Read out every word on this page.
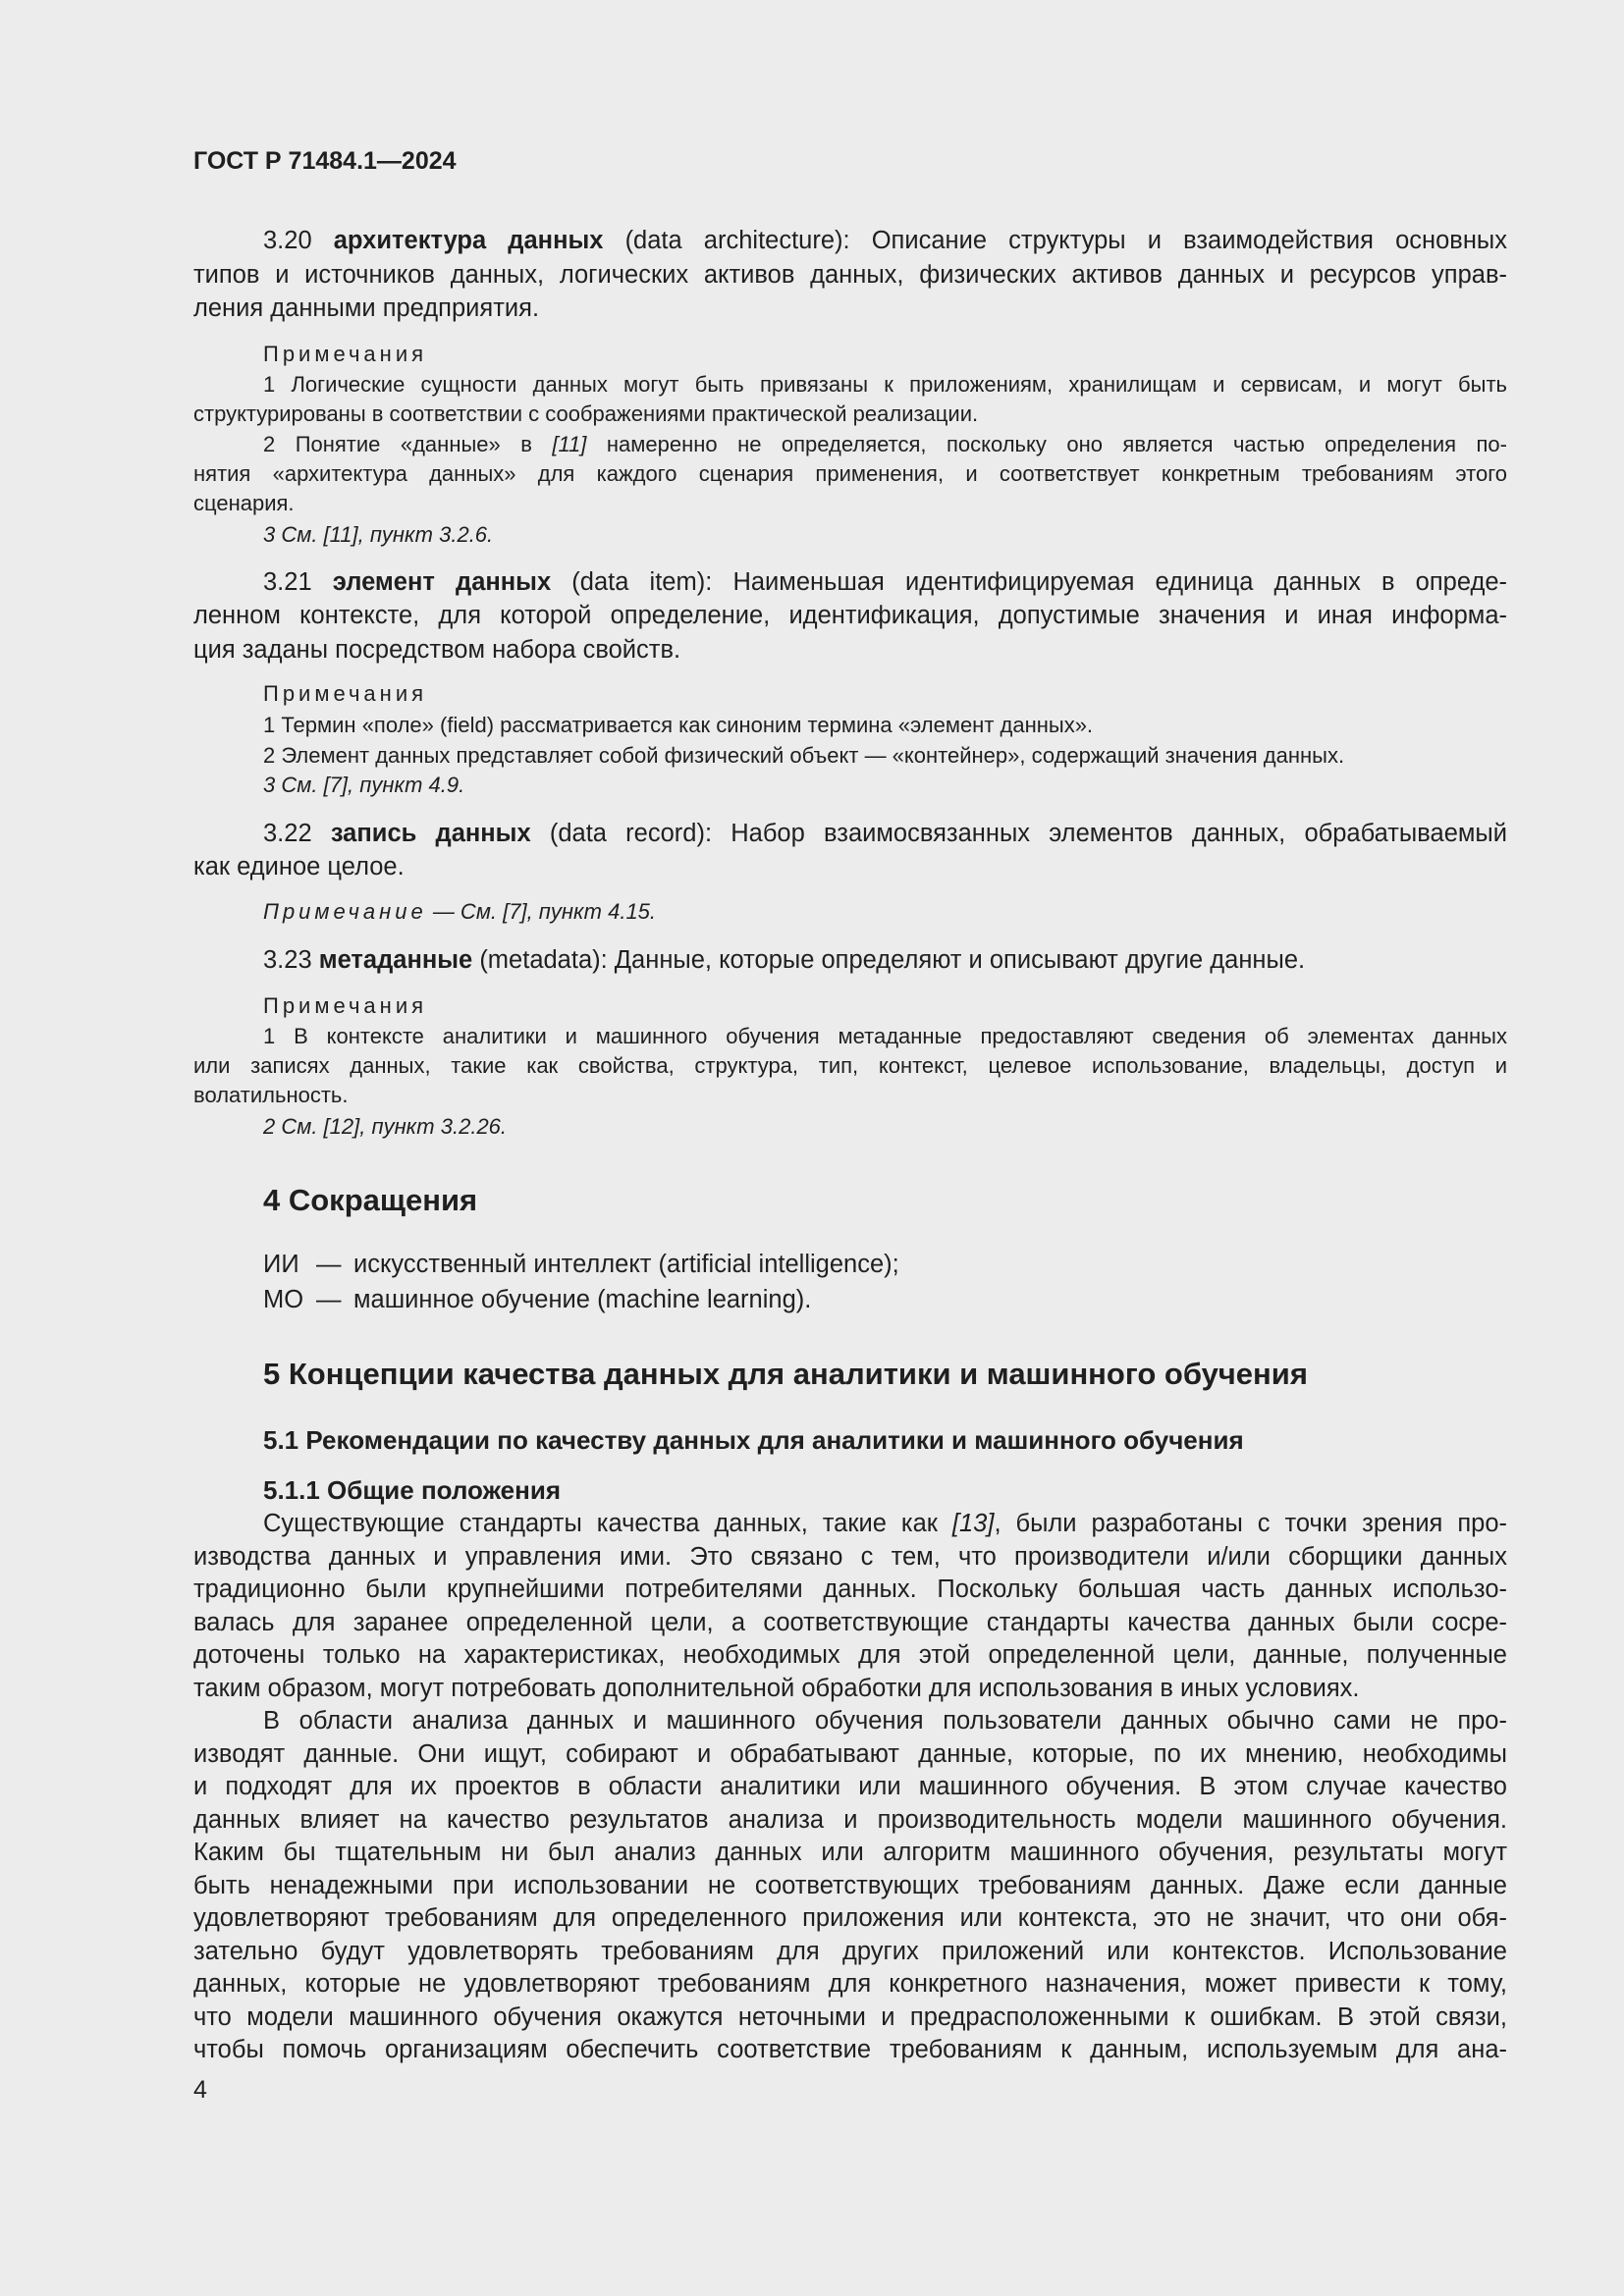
ГОСТ Р 71484.1—2024
3.20 архитектура данных (data architecture): Описание структуры и взаимодействия основных
типов и источников данных, логических активов данных, физических активов данных и ресурсов управ-
ления данными предприятия.
Примечания
1 Логические сущности данных могут быть привязаны к приложениям, хранилищам и сервисам, и могут быть
структурированы в соответствии с соображениями практической реализации.
2 Понятие «данные» в [11] намеренно не определяется, поскольку оно является частью определения по-
нятия «архитектура данных» для каждого сценария применения, и соответствует конкретным требованиям этого
сценария.
3 См. [11], пункт 3.2.6.
3.21 элемент данных (data item): Наименьшая идентифицируемая единица данных в опреде-
ленном контексте, для которой определение, идентификация, допустимые значения и иная информа-
ция заданы посредством набора свойств.
Примечания
1 Термин «поле» (field) рассматривается как синоним термина «элемент данных».
2 Элемент данных представляет собой физический объект — «контейнер», содержащий значения данных.
3 См. [7], пункт 4.9.
3.22 запись данных (data record): Набор взаимосвязанных элементов данных, обрабатываемый
как единое целое.
Примечание — См. [7], пункт 4.15.
3.23 метаданные (metadata): Данные, которые определяют и описывают другие данные.
Примечания
1 В контексте аналитики и машинного обучения метаданные предоставляют сведения об элементах данных
или записях данных, такие как свойства, структура, тип, контекст, целевое использование, владельцы, доступ и
волатильность.
2 См. [12], пункт 3.2.26.
4 Сокращения
ИИ — искусственный интеллект (artificial intelligence);
МО — машинное обучение (machine learning).
5 Концепции качества данных для аналитики и машинного обучения
5.1 Рекомендации по качеству данных для аналитики и машинного обучения
5.1.1 Общие положения
Существующие стандарты качества данных, такие как [13], были разработаны с точки зрения про-
изводства данных и управления ими. Это связано с тем, что производители и/или сборщики данных
традиционно были крупнейшими потребителями данных. Поскольку большая часть данных использо-
валась для заранее определенной цели, а соответствующие стандарты качества данных были сосре-
доточены только на характеристиках, необходимых для этой определенной цели, данные, полученные
таким образом, могут потребовать дополнительной обработки для использования в иных условиях.
В области анализа данных и машинного обучения пользователи данных обычно сами не про-
изводят данные. Они ищут, собирают и обрабатывают данные, которые, по их мнению, необходимы
и подходят для их проектов в области аналитики или машинного обучения. В этом случае качество
данных влияет на качество результатов анализа и производительность модели машинного обучения.
Каким бы тщательным ни был анализ данных или алгоритм машинного обучения, результаты могут
быть ненадежными при использовании не соответствующих требованиям данных. Даже если данные
удовлетворяют требованиям для определенного приложения или контекста, это не значит, что они обя-
зательно будут удовлетворять требованиям для других приложений или контекстов. Использование
данных, которые не удовлетворяют требованиям для конкретного назначения, может привести к тому,
что модели машинного обучения окажутся неточными и предрасположенными к ошибкам. В этой связи,
чтобы помочь организациям обеспечить соответствие требованиям к данным, используемым для ана-
4
